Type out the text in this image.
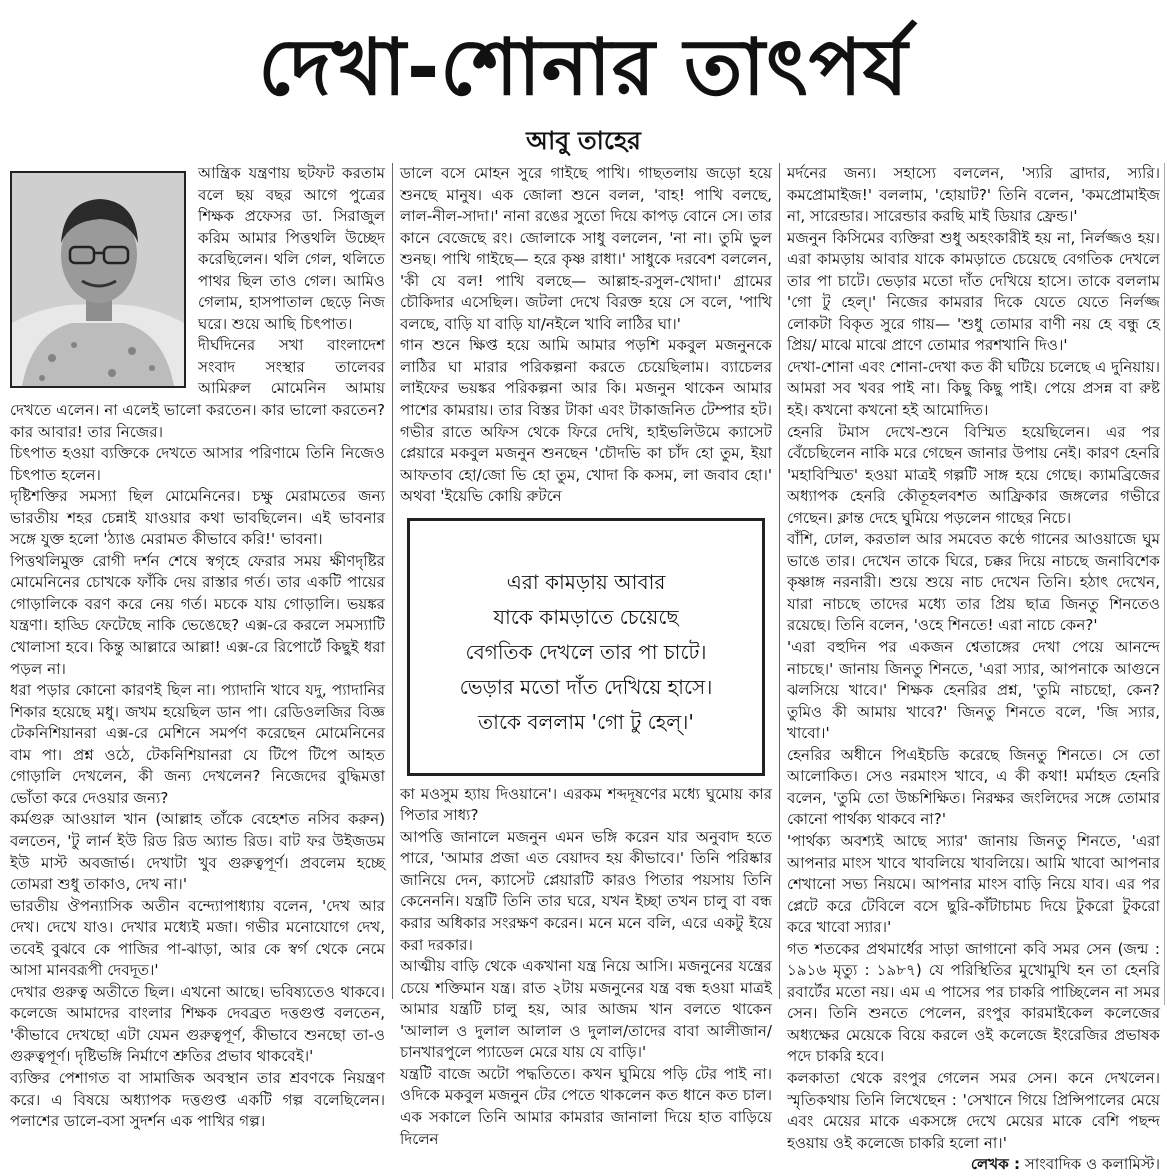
দেখা-শোনার তাৎপর্য
আবু তাহের

আন্ত্রিক যন্ত্রণায় ছটফট করতাম বলে ছয় বছর আগে পুত্রের শিক্ষক প্রফেসর ডা. সিরাজুল করিম আমার পিত্তথলি উচ্ছেদ করেছিলেন। থলি গেল, থলিতে পাথর ছিল তাও গেল। আমিও গেলাম, হাসপাতাল ছেড়ে নিজ ঘরে। শুয়ে আছি চিৎপাত।

দীর্ঘদিনের সখা বাংলাদেশ সংবাদ সংস্থার তালেবর আমিরুল মোমেনিন আমায় দেখতে এলেন। না এলেই ভালো করতেন। কার ভালো করতেন? কার আবার! তার নিজের।

চিৎপাত হওয়া ব্যক্তিকে দেখতে আসার পরিণামে তিনি নিজেও চিৎপাত হলেন।

দৃষ্টিশক্তির সমস্যা ছিল মোমেনিনের। চক্ষু মেরামতের জন্য ভারতীয় শহর চেন্নাই যাওয়ার কথা ভাবছিলেন। এই ভাবনার সঙ্গে যুক্ত হলো 'ঠ্যাঙ মেরামত কীভাবে করি!' ভাবনা।

পিত্তথলিমুক্ত রোগী দর্শন শেষে স্বগৃহে ফেরার সময় ক্ষীণদৃষ্টির মোমেনিনের চোখকে ফাঁকি দেয় রাস্তার গর্ত। তার একটি পায়ের গোড়ালিকে বরণ করে নেয় গর্ত। মচকে যায় গোড়ালি। ভয়ঙ্কর যন্ত্রণা। হাড্ডি ফেটেছে নাকি ভেঙেছে? এক্স-রে করলে সমস্যাটি খোলাসা হবে। কিন্তু আল্লারে আল্লা! এক্স-রে রিপোর্টে কিছুই ধরা পড়ল না।

ধরা পড়ার কোনো কারণই ছিল না। প্যাদানি খাবে যদু, প্যাদানির শিকার হয়েছে মধু। জখম হয়েছিল ডান পা। রেডিওলজির বিজ্ঞ টেকনিশিয়ানরা এক্স-রে মেশিনে সমর্পণ করেছেন মোমেনিনের বাম পা। প্রশ্ন ওঠে, টেকনিশিয়ানরা যে টিপে টিপে আহত গোড়ালি দেখলেন, কী জন্য দেখলেন? নিজেদের বুদ্ধিমত্তা ভোঁতা করে দেওয়ার জন্য?

কর্মগুরু আওয়াল খান (আল্লাহ তাঁকে বেহেশত নসিব করুন) বলতেন, 'টু লার্ন ইউ রিড রিড অ্যান্ড রিড। বাট ফর উইজডম ইউ মাস্ট অবজার্ভ। দেখাটা খুব গুরুত্বপূর্ণ। প্রবলেম হচ্ছে তোমরা শুধু তাকাও, দেখ না।'

ভারতীয় ঔপন্যাসিক অতীন বন্দ্যোপাধ্যায় বলেন, 'দেখ আর দেখ। দেখে যাও। দেখার মধ্যেই মজা। গভীর মনোযোগে দেখ, তবেই বুঝবে কে পাজির পা-ঝাড়া, আর কে স্বর্গ থেকে নেমে আসা মানবরূপী দেবদূত।'

দেখার গুরুত্ব অতীতে ছিল। এখনো আছে। ভবিষ্যতেও থাকবে। কলেজে আমাদের বাংলার শিক্ষক দেবব্রত দত্তগুপ্ত বলতেন, 'কীভাবে দেখছো এটা যেমন গুরুত্বপূর্ণ, কীভাবে শুনছো তা-ও গুরুত্বপূর্ণ। দৃষ্টিভঙ্গি নির্মাণে শ্রুতির প্রভাব থাকবেই।'

ব্যক্তির পেশাগত বা সামাজিক অবস্থান তার শ্রবণকে নিয়ন্ত্রণ করে। এ বিষয়ে অধ্যাপক দত্তগুপ্ত একটি গল্প বলেছিলেন। পলাশের ডালে-বসা সুদর্শন এক পাখির গল্প।

ডালে বসে মোহন সুরে গাইছে পাখি। গাছতলায় জড়ো হয়ে শুনছে মানুষ। এক জোলা শুনে বলল, 'বাহ! পাখি বলছে, লাল-নীল-সাদা।' নানা রঙের সুতো দিয়ে কাপড় বোনে সে। তার কানে বেজেছে রং। জোলাকে সাধু বললেন, 'না না। তুমি ভুল শুনছ। পাখি গাইছে— হরে কৃষ্ণ রাধা।' সাধুকে দরবেশ বললেন, 'কী যে বল! পাখি বলছে— আল্লাহ-রসুল-খোদা।' গ্রামের চৌকিদার এসেছিল। জটলা দেখে বিরক্ত হয়ে সে বলে, 'পাখি বলছে, বাড়ি যা বাড়ি যা/নইলে খাবি লাঠির ঘা।'

গান শুনে ক্ষিপ্ত হয়ে আমি আমার পড়শি মকবুল মজনুনকে লাঠির ঘা মারার পরিকল্পনা করতে চেয়েছিলাম। ব্যাচেলর লাইফের ভয়ঙ্কর পরিকল্পনা আর কি। মজনুন থাকেন আমার পাশের কামরায়। তার বিস্তর টাকা এবং টাকাজনিত টেম্পার হট। গভীর রাতে অফিস থেকে ফিরে দেখি, হাইভলিউমে ক্যাসেট প্লেয়ারে মকবুল মজনুন শুনছেন 'চৌদভি কা চাঁদ হো তুম, ইয়া আফতাব হো/জো ভি হো তুম, খোদা কি কসম, লা জবাব হো।' অথবা 'ইয়েভি কোয়ি রুটনে

এরা কামড়ায় আবার
যাকে কামড়াতে চেয়েছে
বেগতিক দেখলে তার পা চাটে।
ভেড়ার মতো দাঁত দেখিয়ে হাসে।
তাকে বললাম 'গো টু হেল্।'

কা মওসুম হ্যায় দিওয়ানে'। এরকম শব্দদূষণের মধ্যে ঘুমোয় কার পিতার সাধ্য?

আপত্তি জানালে মজনুন এমন ভঙ্গি করেন যার অনুবাদ হতে পারে, 'আমার প্রজা এত বেয়াদব হয় কীভাবে।' তিনি পরিষ্কার জানিয়ে দেন, ক্যাসেট প্লেয়ারটি কারও পিতার পয়সায় তিনি কেনেননি। যন্ত্রটি তিনি তার ঘরে, যখন ইচ্ছা তখন চালু বা বন্ধ করার অধিকার সংরক্ষণ করেন। মনে মনে বলি, এরে একটু ইয়ে করা দরকার।

আত্মীয় বাড়ি থেকে একখানা যন্ত্র নিয়ে আসি। মজনুনের যন্ত্রের চেয়ে শক্তিমান যন্ত্র। রাত ২টায় মজনুনের যন্ত্র বন্ধ হওয়া মাত্রই আমার যন্ত্রটি চালু হয়, আর আজম খান বলতে থাকেন 'আলাল ও দুলাল আলাল ও দুলাল/তাদের বাবা আলীজান/চানখারপুলে প্যাডেল মেরে যায় যে বাড়ি।'

যন্ত্রটি বাজে অটো পদ্ধতিতে। কখন ঘুমিয়ে পড়ি টের পাই না। ওদিকে মকবুল মজনুন টের পেতে থাকলেন কত ধানে কত চাল। এক সকালে তিনি আমার কামরার জানালা দিয়ে হাত বাড়িয়ে দিলেন

মর্দনের জন্য। সহাস্যে বললেন, 'স্যরি ব্রাদার, স্যরি। কমপ্রোমাইজ!' বললাম, 'হোয়াট?' তিনি বলেন, 'কমপ্রোমাইজ না, সারেন্ডার। সারেন্ডার করছি মাই ডিয়ার ফ্রেন্ড।'

মজনুন কিসিমের ব্যক্তিরা শুধু অহংকারীই হয় না, নির্লজ্জও হয়। এরা কামড়ায় আবার যাকে কামড়াতে চেয়েছে বেগতিক দেখলে তার পা চাটে। ভেড়ার মতো দাঁত দেখিয়ে হাসে। তাকে বললাম 'গো টু হেল্।' নিজের কামরার দিকে যেতে যেতে নির্লজ্জ লোকটা বিকৃত সুরে গায়— 'শুধু তোমার বাণী নয় হে বন্ধু হে প্রিয়/ মাঝে মাঝে প্রাণে তোমার পরশখানি দিও।'

দেখা-শোনা এবং শোনা-দেখা কত কী ঘটিয়ে চলেছে এ দুনিয়ায়। আমরা সব খবর পাই না। কিছু কিছু পাই। পেয়ে প্রসন্ন বা রুষ্ট হই। কখনো কখনো হই আমোদিত।

হেনরি টমাস দেখে-শুনে বিস্মিত হয়েছিলেন। এর পর বেঁচেছিলেন নাকি মরে গেছেন জানার উপায় নেই। কারণ হেনরি 'মহাবিস্মিত' হওয়া মাত্রই গল্পটি সাঙ্গ হয়ে গেছে। ক্যামব্রিজের অধ্যাপক হেনরি কৌতূহলবশত আফ্রিকার জঙ্গলের গভীরে গেছেন। ক্লান্ত দেহে ঘুমিয়ে পড়লেন গাছের নিচে।

বাঁশি, ঢোল, করতাল আর সমবেত কণ্ঠে গানের আওয়াজে ঘুম ভাঙে তার। দেখেন তাকে ঘিরে, চক্কর দিয়ে নাচছে জনাবিশেক কৃষ্ণাঙ্গ নরনারী। শুয়ে শুয়ে নাচ দেখেন তিনি। হঠাৎ দেখেন, যারা নাচছে তাদের মধ্যে তার প্রিয় ছাত্র জিনতু শিনতেও রয়েছে। তিনি বলেন, 'ওহে শিনতে! এরা নাচে কেন?'

'এরা বহুদিন পর একজন শ্বেতাঙ্গের দেখা পেয়ে আনন্দে নাচছে।' জানায় জিনতু শিনতে, 'এরা স্যার, আপনাকে আগুনে ঝলসিয়ে খাবে।' শিক্ষক হেনরির প্রশ্ন, 'তুমি নাচছো, কেন? তুমিও কী আমায় খাবে?' জিনতু শিনতে বলে, 'জি স্যার, খাবো।'

হেনরির অধীনে পিএইচডি করেছে জিনতু শিনতে। সে তো আলোকিত। সেও নরমাংস খাবে, এ কী কথা! মর্মাহত হেনরি বলেন, 'তুমি তো উচ্চশিক্ষিত। নিরক্ষর জংলিদের সঙ্গে তোমার কোনো পার্থক্য থাকবে না?'

'পার্থক্য অবশ্যই আছে স্যার' জানায় জিনতু শিনতে, 'এরা আপনার মাংস খাবে খাবলিয়ে খাবলিয়ে। আমি খাবো আপনার শেখানো সভ্য নিয়মে। আপনার মাংস বাড়ি নিয়ে যাব। এর পর প্লেটে করে টেবিলে বসে ছুরি-কাঁটাচামচ দিয়ে টুকরো টুকরো করে খাবো স্যার।'

গত শতকের প্রথমার্ধের সাড়া জাগানো কবি সমর সেন (জন্ম : ১৯১৬ মৃত্যু : ১৯৮৭) যে পরিস্থিতির মুখোমুখি হন তা হেনরি রবার্টের মতো নয়। এম এ পাসের পর চাকরি পাচ্ছিলেন না সমর সেন। তিনি শুনতে পেলেন, রংপুর কারমাইকেল কলেজের অধ্যক্ষের মেয়েকে বিয়ে করলে ওই কলেজে ইংরেজির প্রভাষক পদে চাকরি হবে।

কলকাতা থেকে রংপুর গেলেন সমর সেন। কনে দেখলেন। স্মৃতিকথায় তিনি লিখেছেন : 'সেখানে গিয়ে প্রিন্সিপালের মেয়ে এবং মেয়ের মাকে একসঙ্গে দেখে মেয়ের মাকে বেশি পছন্দ হওয়ায় ওই কলেজে চাকরি হলো না।'

লেখক : সাংবাদিক ও কলামিস্ট।
